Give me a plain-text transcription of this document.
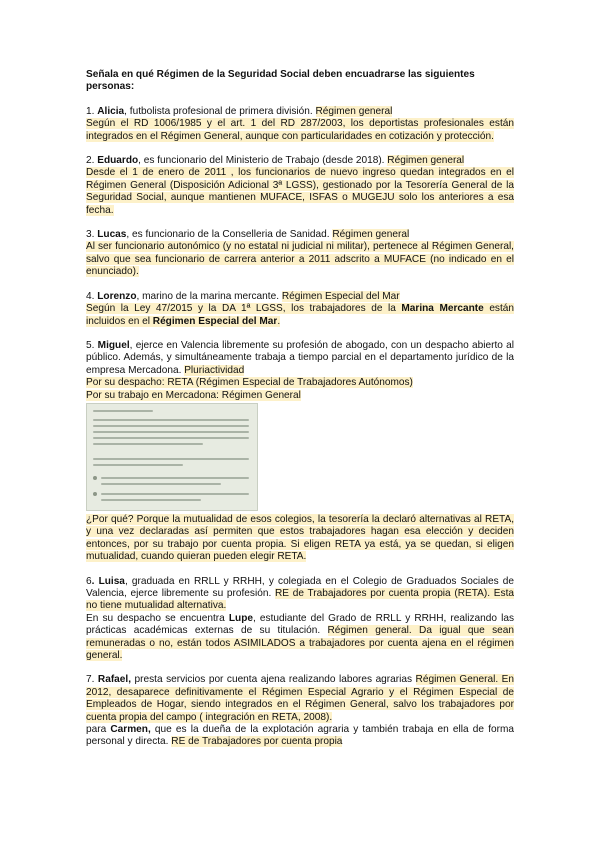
Señala en qué Régimen de la Seguridad Social deben encuadrarse las siguientes personas:
1. Alicia, futbolista profesional de primera división. Régimen general
Según el RD 1006/1985 y el art. 1 del RD 287/2003, los deportistas profesionales están integrados en el Régimen General, aunque con particularidades en cotización y protección.
2. Eduardo, es funcionario del Ministerio de Trabajo (desde 2018). Régimen general
Desde el 1 de enero de 2011 , los funcionarios de nuevo ingreso quedan integrados en el Régimen General (Disposición Adicional 3ª LGSS), gestionado por la Tesorería General de la Seguridad Social, aunque mantienen MUFACE, ISFAS o MUGEJU solo los anteriores a esa fecha.
3. Lucas, es funcionario de la Conselleria de Sanidad. Régimen general
Al ser funcionario autonómico (y no estatal ni judicial ni militar), pertenece al Régimen General, salvo que sea funcionario de carrera anterior a 2011 adscrito a MUFACE (no indicado en el enunciado).
4. Lorenzo, marino de la marina mercante. Régimen Especial del Mar
Según la Ley 47/2015 y la DA 1ª LGSS, los trabajadores de la Marina Mercante están incluidos en el Régimen Especial del Mar.
5. Miguel, ejerce en Valencia libremente su profesión de abogado, con un despacho abierto al público. Además, y simultáneamente trabaja a tiempo parcial en el departamento jurídico de la empresa Mercadona. Pluriactividad
Por su despacho: RETA (Régimen Especial de Trabajadores Autónomos)
Por su trabajo en Mercadona: Régimen General
¿Por qué? Porque la mutualidad de esos colegios, la tesorería la declaró alternativas al RETA, y una vez declaradas así permiten que estos trabajadores hagan esa elección y deciden entonces, por su trabajo por cuenta propia. Si eligen RETA ya está, ya se quedan, si eligen mutualidad, cuando quieran pueden elegir RETA.
6. Luisa, graduada en RRLL y RRHH, y colegiada en el Colegio de Graduados Sociales de Valencia, ejerce libremente su profesión. RE de Trabajadores por cuenta propia (RETA). Esta no tiene mutualidad alternativa.
En su despacho se encuentra Lupe, estudiante del Grado de RRLL y RRHH, realizando las prácticas académicas externas de su titulación. Régimen general. Da igual que sean remuneradas o no, están todos ASIMILADOS a trabajadores por cuenta ajena en el régimen general.
7. Rafael, presta servicios por cuenta ajena realizando labores agrarias Régimen General. En 2012, desaparece definitivamente el Régimen Especial Agrario y el Régimen Especial de Empleados de Hogar, siendo integrados en el Régimen General, salvo los trabajadores por cuenta propia del campo ( integración en RETA, 2008).
para Carmen, que es la dueña de la explotación agraria y también trabaja en ella de forma personal y directa. RE de Trabajadores por cuenta propia
